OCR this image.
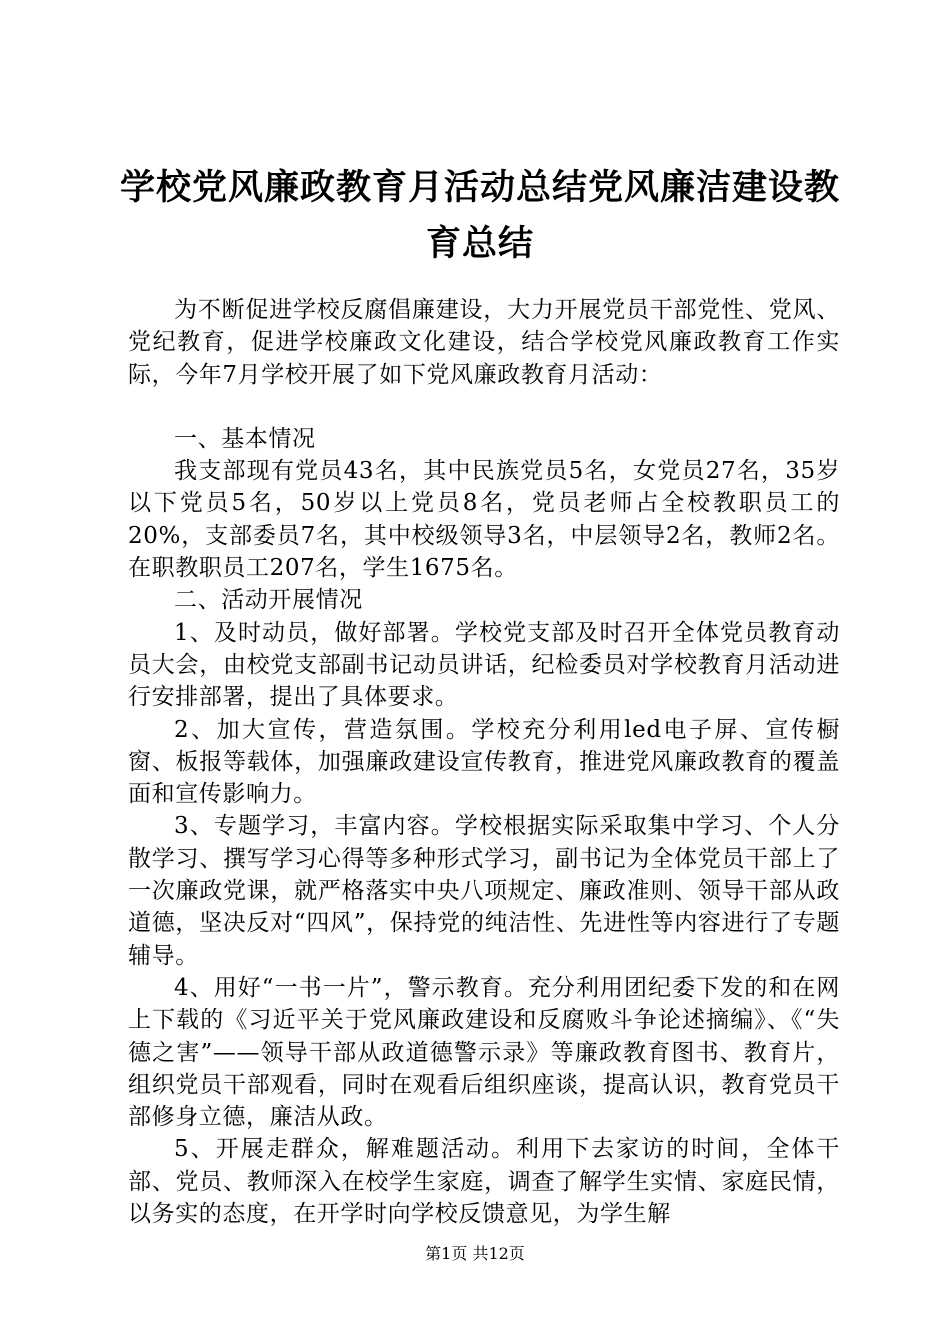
学校党风廉政教育月活动总结党风廉洁建设教育总结

为不断促进学校反腐倡廉建设，大力开展党员干部党性、党风、党纪教育，促进学校廉政文化建设，结合学校党风廉政教育工作实际，今年7月学校开展了如下党风廉政教育月活动：

一、基本情况

我支部现有党员43名，其中民族党员5名，女党员27名，35岁以下党员5名，50岁以上党员8名，党员老师占全校教职员工的20%，支部委员7名，其中校级领导3名，中层领导2名，教师2名。在职教职员工207名，学生1675名。

二、活动开展情况

1、及时动员，做好部署。学校党支部及时召开全体党员教育动员大会，由校党支部副书记动员讲话，纪检委员对学校教育月活动进行安排部署，提出了具体要求。

2、加大宣传，营造氛围。学校充分利用led电子屏、宣传橱窗、板报等载体，加强廉政建设宣传教育，推进党风廉政教育的覆盖面和宣传影响力。

3、专题学习，丰富内容。学校根据实际采取集中学习、个人分散学习、撰写学习心得等多种形式学习，副书记为全体党员干部上了一次廉政党课，就严格落实中央八项规定、廉政准则、领导干部从政道德，坚决反对“四风”，保持党的纯洁性、先进性等内容进行了专题辅导。

4、用好“一书一片”，警示教育。充分利用团纪委下发的和在网上下载的《习近平关于党风廉政建设和反腐败斗争论述摘编》、《“失德之害”——领导干部从政道德警示录》等廉政教育图书、教育片，组织党员干部观看，同时在观看后组织座谈，提高认识，教育党员干部修身立德，廉洁从政。

5、开展走群众，解难题活动。利用下去家访的时间，全体干部、党员、教师深入在校学生家庭，调查了解学生实情、家庭民情，以务实的态度，在开学时向学校反馈意见，为学生解

第1页 共12页
